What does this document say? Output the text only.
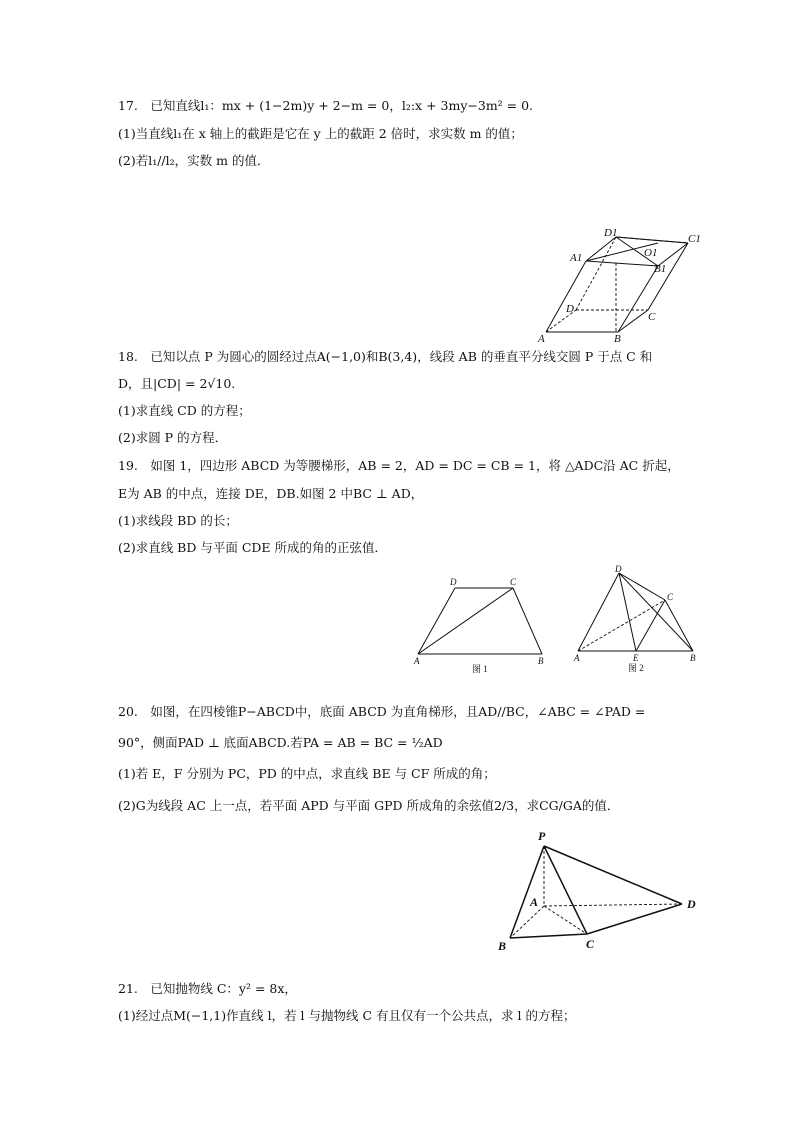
17.　已知直线l₁：mx + (1−2m)y + 2−m = 0，l₂:x + 3my−3m² = 0.
(1)当直线l₁在 x 轴上的截距是它在 y 上的截距 2 倍时，求实数 m 的值；
(2)若l₁//l₂，实数 m 的值．
D1	C1
A1	O1
B1
D
C
A	B
18.　已知以点 P 为圆心的圆经过点A(−1,0)和B(3,4)，线段 AB 的垂直平分线交圆 P 于点 C 和
D，且|CD| = 2√10.
(1)求直线 CD 的方程；
(2)求圆 P 的方程．
19.　如图 1，四边形 ABCD 为等腰梯形，AB = 2，AD = DC = CB = 1，将 △ADC沿 AC 折起，
E为 AB 的中点，连接 DE，DB.如图 2 中BC ⊥ AD，
(1)求线段 BD 的长；
(2)求直线 BD 与平面 CDE 所成的角的正弦值．
D	C
A	B
图 1
D
C
A	E	B
图 2
20.　如图，在四棱锥P−ABCD中，底面 ABCD 为直角梯形，且AD//BC，∠ABC = ∠PAD =
90°，侧面PAD ⊥ 底面ABCD.若PA = AB = BC = ½AD
(1)若 E，F 分别为 PC，PD 的中点，求直线 BE 与 CF 所成的角；
(2)G为线段 AC 上一点，若平面 APD 与平面 GPD 所成角的余弦值2/3，求CG/GA的值．
P
A	D
B	C
21.　已知抛物线 C：y² = 8x，
(1)经过点M(−1,1)作直线 l，若 l 与抛物线 C 有且仅有一个公共点，求 l 的方程；
